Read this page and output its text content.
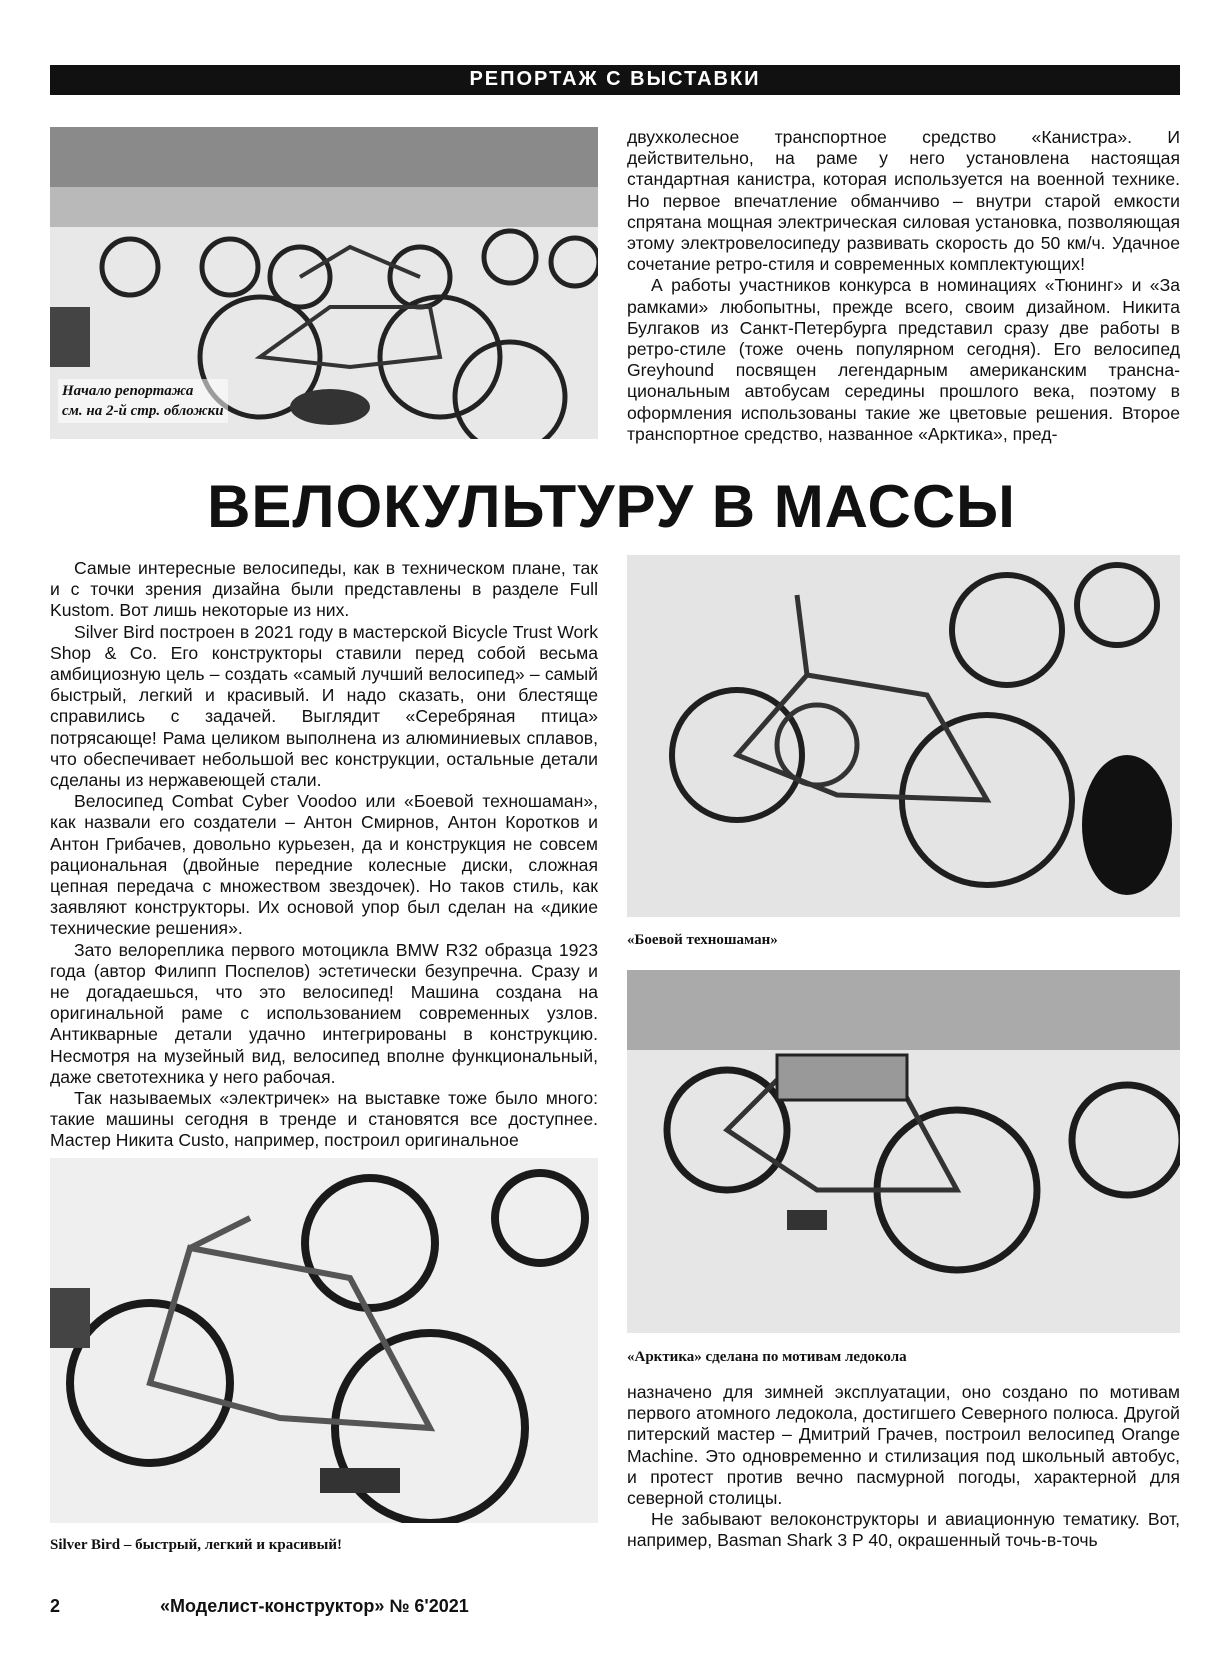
РЕПОРТАЖ С ВЫСТАВКИ
Начало репортажа
см. на 2-й стр. обложки

двухколесное транспортное средство «Канистра». И действительно, на раме у него установлена настоящая стандартная канистра, которая используется на военной технике. Но первое впечатление обманчиво – внутри старой емкости спрятана мощная электрическая силовая установка, позволяющая этому электровелосипеду развивать скорость до 50 км/ч. Удачное сочетание ретро-стиля и современных комплектующих!

А работы участников конкурса в номинациях «Тюнинг» и «За рамками» любопытны, прежде всего, своим дизайном. Никита Булгаков из Санкт-Петербурга представил сразу две работы в ретро-стиле (тоже очень популярном сегодня). Его велосипед Greyhound посвящен легендарным американским трансна-циональным автобусам середины прошлого века, поэтому в оформления использованы такие же цветовые решения. Второе транспортное средство, названное «Арктика», пред-

ВЕЛОКУЛЬТУРУ В МАССЫ

Самые интересные велосипеды, как в техническом плане, так и с точки зрения дизайна были представлены в разделе Full Kustom. Вот лишь некоторые из них.

Silver Bird построен в 2021 году в мастерской Bicycle Trust Work Shop & Co. Его конструкторы ставили перед собой весьма амбициозную цель – создать «самый лучший велосипед» – самый быстрый, легкий и красивый. И надо сказать, они блестяще справились с задачей. Выглядит «Серебряная птица» потрясающе! Рама целиком выполнена из алюминиевых сплавов, что обеспечивает небольшой вес конструкции, остальные детали сделаны из нержавеющей стали.

Велосипед Combat Cyber Voodoo или «Боевой техношаман», как назвали его создатели – Антон Смирнов, Антон Коротков и Антон Грибачев, довольно курьезен, да и конструкция не совсем рациональная (двойные передние колесные диски, сложная цепная передача с множеством звездочек). Но таков стиль, как заявляют конструкторы. Их основой упор был сделан на «дикие технические решения».

Зато велореплика первого мотоцикла BMW R32 образца 1923 года (автор Филипп Поспелов) эстетически безупречна. Сразу и не догадаешься, что это велосипед! Машина создана на оригинальной раме с использованием современных узлов. Антикварные детали удачно интегрированы в конструкцию. Несмотря на музейный вид, велосипед вполне функциональный, даже светотехника у него рабочая.

Так называемых «электричек» на выставке тоже было много: такие машины сегодня в тренде и становятся все доступнее. Мастер Никита Custo, например, построил оригинальное

«Боевой техношаман»
«Арктика» сделана по мотивам ледокола
Silver Bird – быстрый, легкий и красивый!

назначено для зимней эксплуатации, оно создано по мотивам первого атомного ледокола, достигшего Северного полюса. Другой питерский мастер – Дмитрий Грачев, построил велосипед Orange Machine. Это одновременно и стилизация под школьный автобус, и протест против вечно пасмурной погоды, характерной для северной столицы.

Не забывают велоконструкторы и авиационную тематику. Вот, например, Basman Shark 3 P 40, окрашенный точь-в-точь

2	«Моделист-конструктор» № 6'2021
